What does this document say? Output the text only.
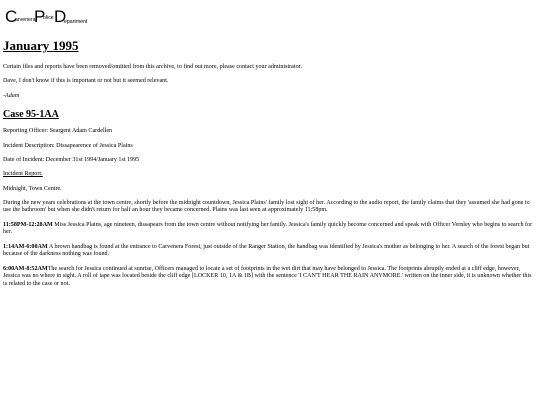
C
arvenera
P
olice D
epartment
January 1995

Certain files and reports have been removed/omitted from this archive, to find out more, please contact your administrator.

Dave, I don't know if this is important or not but it seemed relevant.

-Adam

Case 95-1AA

Reporting Officer: Seargent Adam Cardellen

Incident Description: Dissapearence of Jessica Plains

Date of Incident: December 31st 1994/January 1st 1995

Incident Report:

Midnight, Town Centre.

During the new years celebrations at the town centre, shortly before the midnight countdown, Jessica Plains' family lost sight of her. According to the audio report, the family claims that they 'assumed she had gone to use the bathroom' but when she didn't return for half an hour they became concerned. Plains was last seen at approximately 11:58pm.

11:58PM-12:28AM Miss Jessica Plains, age nineteen, dissapears from the town centre without notifying her family. Jessica's family quickly become concerned and speak with Officer Vernley who begins to search for her.

1:14AM-6:00AM A brown handbag is found at the entrance to Carvenera Forest, just outside of the Ranger Station, the handbag was identified by Jessica's mother as belonging to her. A search of the forest began but because of the darkness nothing was found.

6:00AM-8:52AMThe search for Jessica continued at sunrise, Officers managed to locate a set of footprints in the wet dirt that may have belonged to Jessica. The footprints abruptly ended at a cliff edge, however, Jessica was no where in sight. A roll of tape was located beside the cliff edge [LOCKER 10, 1A & 1B] with the sentence 'I CAN'T HEAR THE RAIN ANYMORE.' written on the inner side, it is unknown whether this is related to the case or not.
